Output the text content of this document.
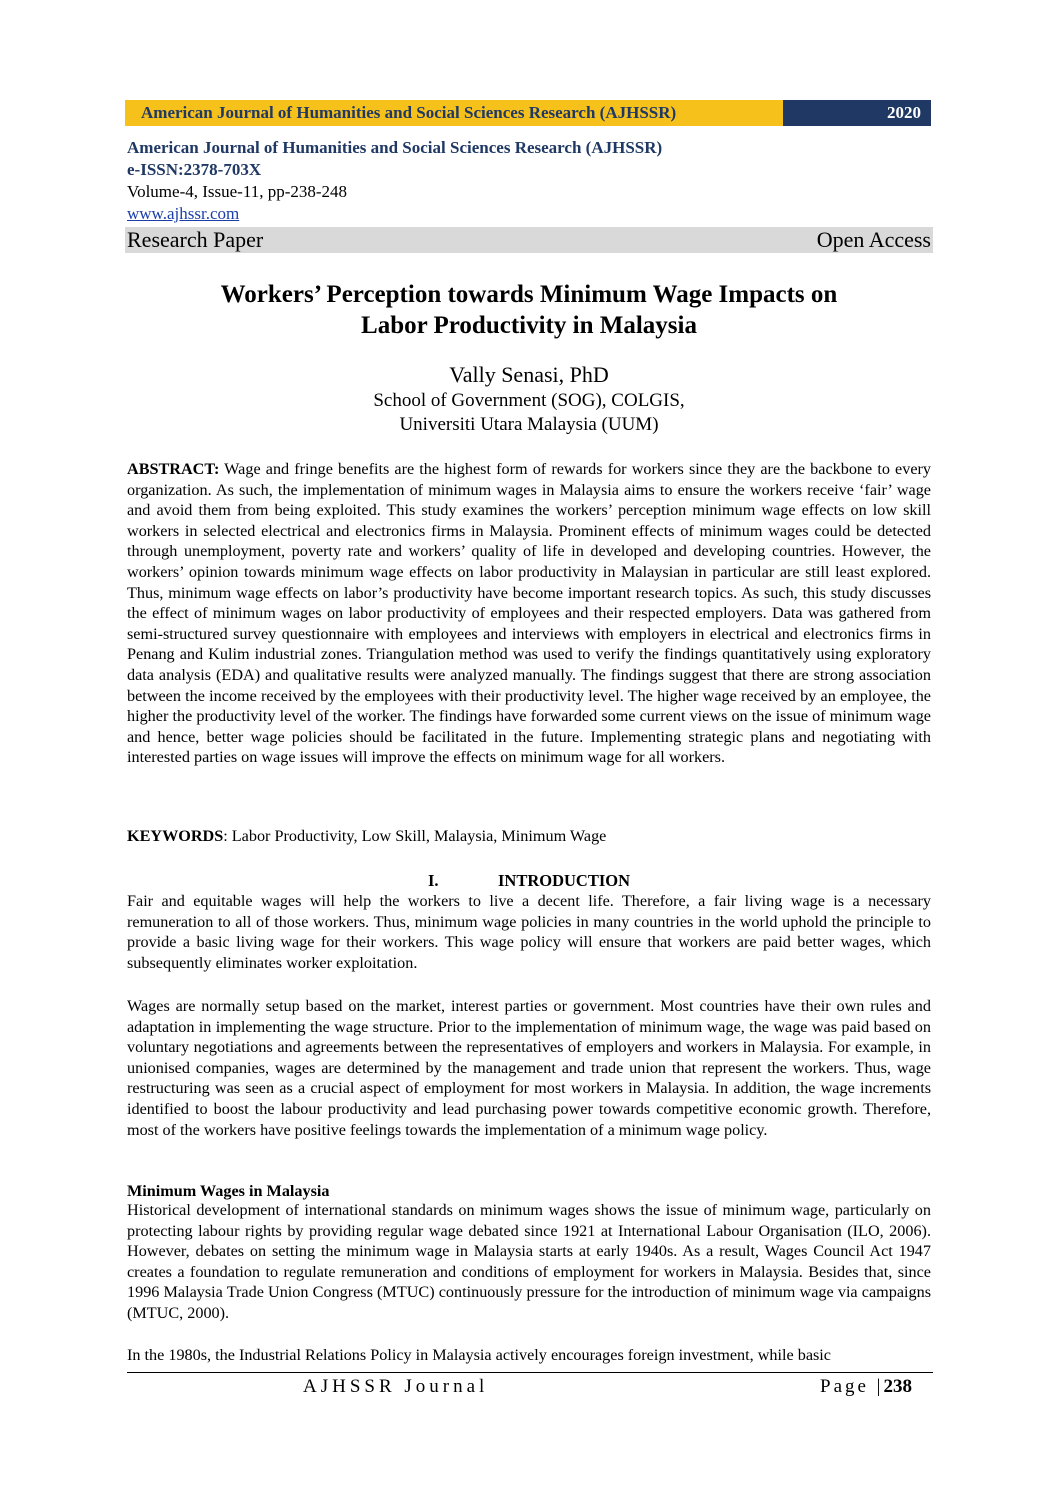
American Journal of Humanities and Social Sciences Research (AJHSSR)	2020
American Journal of Humanities and Social Sciences Research (AJHSSR)
e-ISSN:2378-703X
Volume-4, Issue-11, pp-238-248
www.ajhssr.com
Research Paper	Open Access
Workers’ Perception towards Minimum Wage Impacts on
Labor Productivity in Malaysia
Vally Senasi, PhD
School of Government (SOG), COLGIS,
Universiti Utara Malaysia (UUM)
ABSTRACT: Wage and fringe benefits are the highest form of rewards for workers since they are the backbone to every organization. As such, the implementation of minimum wages in Malaysia aims to ensure the workers receive ‘fair’ wage and avoid them from being exploited. This study examines the workers’ perception minimum wage effects on low skill workers in selected electrical and electronics firms in Malaysia. Prominent effects of minimum wages could be detected through unemployment, poverty rate and workers’ quality of life in developed and developing countries. However, the workers’ opinion towards minimum wage effects on labor productivity in Malaysian in particular are still least explored. Thus, minimum wage effects on labor’s productivity have become important research topics. As such, this study discusses the effect of minimum wages on labor productivity of employees and their respected employers. Data was gathered from semi-structured survey questionnaire with employees and interviews with employers in electrical and electronics firms in Penang and Kulim industrial zones. Triangulation method was used to verify the findings quantitatively using exploratory data analysis (EDA) and qualitative results were analyzed manually. The findings suggest that there are strong association between the income received by the employees with their productivity level. The higher wage received by an employee, the higher the productivity level of the worker. The findings have forwarded some current views on the issue of minimum wage and hence, better wage policies should be facilitated in the future. Implementing strategic plans and negotiating with interested parties on wage issues will improve the effects on minimum wage for all workers.
KEYWORDS: Labor Productivity, Low Skill, Malaysia, Minimum Wage
I.	INTRODUCTION
Fair and equitable wages will help the workers to live a decent life. Therefore, a fair living wage is a necessary remuneration to all of those workers. Thus, minimum wage policies in many countries in the world uphold the principle to provide a basic living wage for their workers. This wage policy will ensure that workers are paid better wages, which subsequently eliminates worker exploitation.
Wages are normally setup based on the market, interest parties or government. Most countries have their own rules and adaptation in implementing the wage structure. Prior to the implementation of minimum wage, the wage was paid based on voluntary negotiations and agreements between the representatives of employers and workers in Malaysia. For example, in unionised companies, wages are determined by the management and trade union that represent the workers. Thus, wage restructuring was seen as a crucial aspect of employment for most workers in Malaysia. In addition, the wage increments identified to boost the labour productivity and lead purchasing power towards competitive economic growth. Therefore, most of the workers have positive feelings towards the implementation of a minimum wage policy.
Minimum Wages in Malaysia
Historical development of international standards on minimum wages shows the issue of minimum wage, particularly on protecting labour rights by providing regular wage debated since 1921 at International Labour Organisation (ILO, 2006). However, debates on setting the minimum wage in Malaysia starts at early 1940s. As a result, Wages Council Act 1947 creates a foundation to regulate remuneration and conditions of employment for workers in Malaysia. Besides that, since 1996 Malaysia Trade Union Congress (MTUC) continuously pressure for the introduction of minimum wage via campaigns (MTUC, 2000).
In the 1980s, the Industrial Relations Policy in Malaysia actively encourages foreign investment, while basic
AJHSSR Journal	Page |238
